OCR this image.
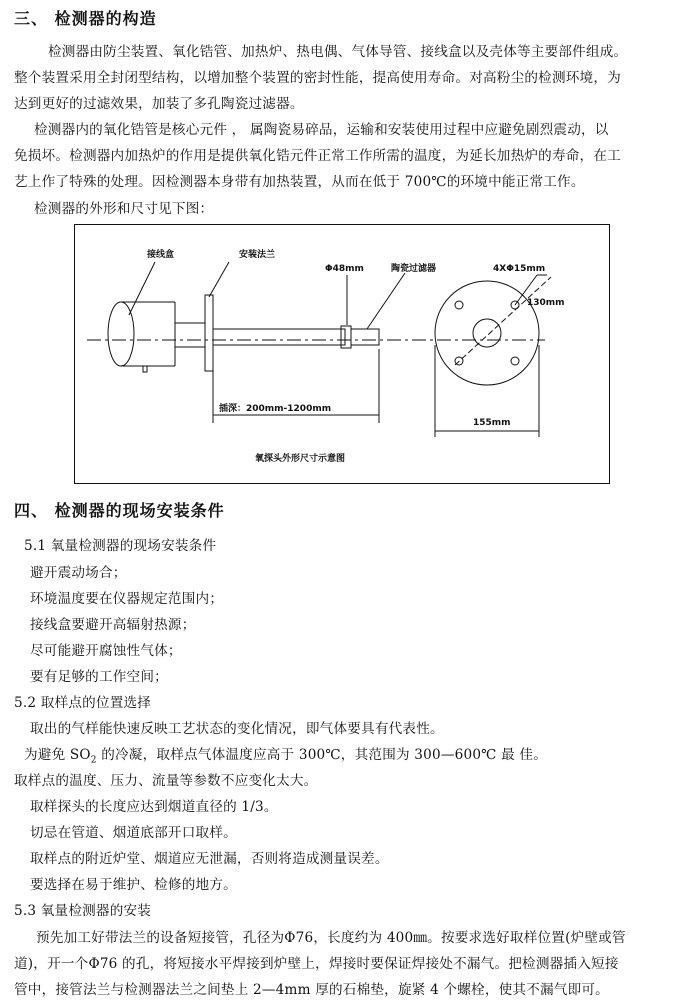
三、 检测器的构造
检测器由防尘装置、氧化锆管、加热炉、热电偶、气体导管、接线盒以及壳体等主要部件组成。
整个装置采用全封闭型结构，以增加整个装置的密封性能，提高使用寿命。对高粉尘的检测环境，为
达到更好的过滤效果，加装了多孔陶瓷过滤器。
检测器内的氧化锆管是核心元件 ， 属陶瓷易碎品，运输和安装使用过程中应避免剧烈震动，以
免损坏。检测器内加热炉的作用是提供氧化锆元件正常工作所需的温度，为延长加热炉的寿命，在工
艺上作了特殊的处理。因检测器本身带有加热装置，从而在低于 700℃的环境中能正常工作。
检测器的外形和尺寸见下图：
接线盒	安装法兰
Φ48mm	陶瓷过滤器
插深：200mm-1200mm
4XΦ15mm
130mm
155mm
氧探头外形尺寸示意图
四、 检测器的现场安装条件
5.1 氧量检测器的现场安装条件
避开震动场合；
环境温度要在仪器规定范围内；
接线盒要避开高辐射热源；
尽可能避开腐蚀性气体；
要有足够的工作空间；
5.2 取样点的位置选择
取出的气样能快速反映工艺状态的变化情况，即气体要具有代表性。
为避免 $SO_2$ 的冷凝，取样点气体温度应高于 300℃，其范围为 300—600℃ 最 佳。
取样点的温度、压力、流量等参数不应变化太大。
取样探头的长度应达到烟道直径的 1/3。
切忌在管道、烟道底部开口取样。
取样点的附近炉堂、烟道应无泄漏，否则将造成测量误差。
要选择在易于维护、检修的地方。
5.3 氧量检测器的安装
预先加工好带法兰的设备短接管，孔径为Φ76，长度约为 400㎜。按要求选好取样位置(炉壁或管
道)，开一个Φ76 的孔，将短接水平焊接到炉壁上，焊接时要保证焊接处不漏气。把检测器插入短接
管中，接管法兰与检测器法兰之间垫上 2—4mm 厚的石棉垫，旋紧 4 个螺栓，使其不漏气即可。
